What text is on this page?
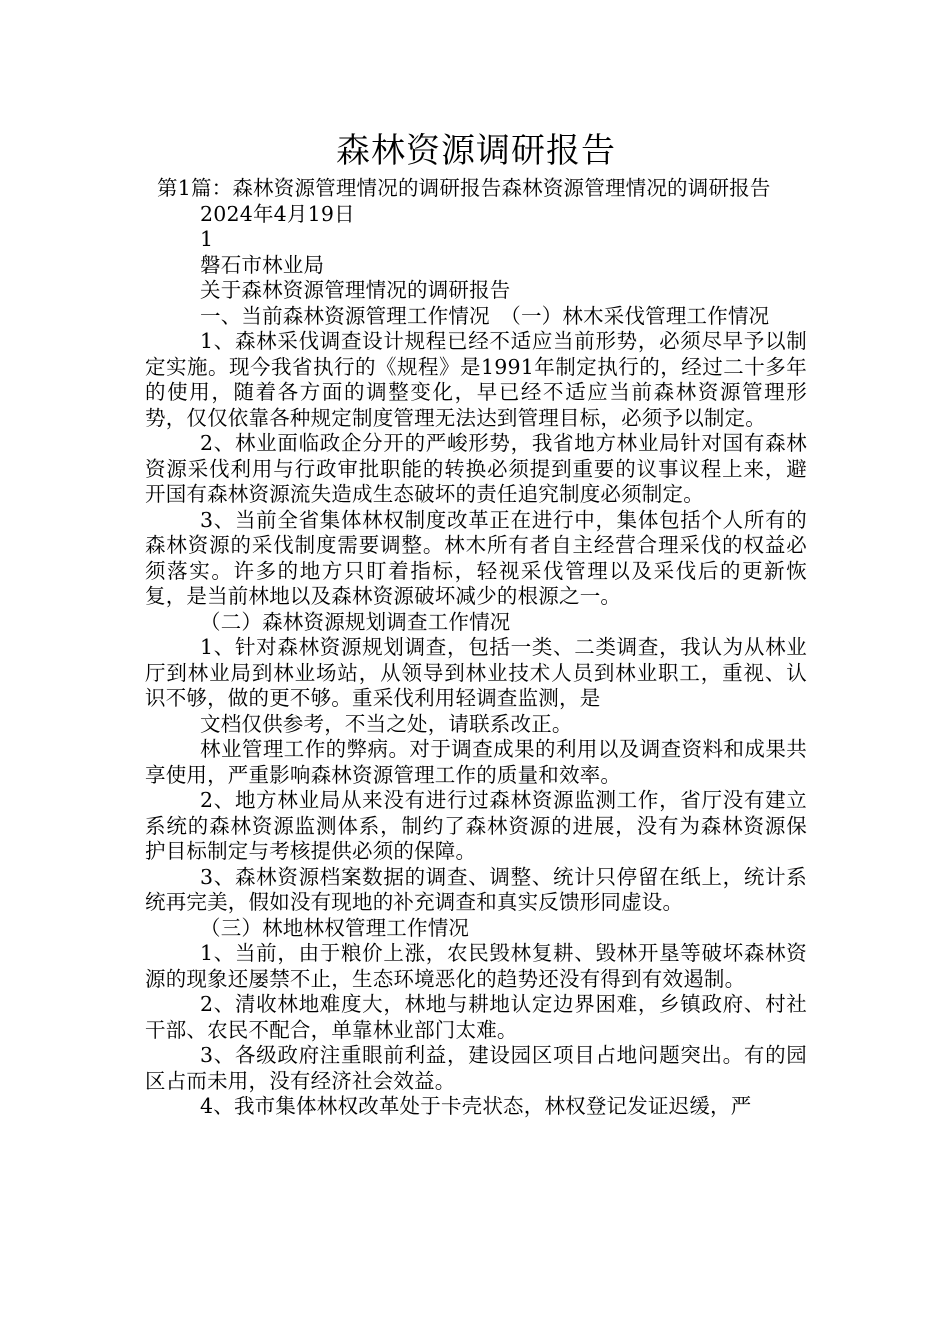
森林资源调研报告

第1篇：森林资源管理情况的调研报告森林资源管理情况的调研报告

2024年4月19日

1

磐石市林业局

关于森林资源管理情况的调研报告

一、当前森林资源管理工作情况　（一）林木采伐管理工作情况

1、森林采伐调查设计规程已经不适应当前形势，必须尽早予以制定实施。现今我省执行的《规程》是1991年制定执行的，经过二十多年的使用，随着各方面的调整变化，早已经不适应当前森林资源管理形势，仅仅依靠各种规定制度管理无法达到管理目标，必须予以制定。

2、林业面临政企分开的严峻形势，我省地方林业局针对国有森林资源采伐利用与行政审批职能的转换必须提到重要的议事议程上来，避开国有森林资源流失造成生态破坏的责任追究制度必须制定。

3、当前全省集体林权制度改革正在进行中，集体包括个人所有的森林资源的采伐制度需要调整。林木所有者自主经营合理采伐的权益必须落实。许多的地方只盯着指标，轻视采伐管理以及采伐后的更新恢复，是当前林地以及森林资源破坏减少的根源之一。

（二）森林资源规划调查工作情况

1、针对森林资源规划调查，包括一类、二类调查，我认为从林业厅到林业局到林业场站，从领导到林业技术人员到林业职工，重视、认识不够，做的更不够。重采伐利用轻调查监测，是

文档仅供参考，不当之处，请联系改正。

林业管理工作的弊病。对于调查成果的利用以及调查资料和成果共享使用，严重影响森林资源管理工作的质量和效率。

2、地方林业局从来没有进行过森林资源监测工作，省厅没有建立系统的森林资源监测体系，制约了森林资源的进展，没有为森林资源保护目标制定与考核提供必须的保障。

3、森林资源档案数据的调查、调整、统计只停留在纸上，统计系统再完美，假如没有现地的补充调查和真实反馈形同虚设。

（三）林地林权管理工作情况

1、当前，由于粮价上涨，农民毁林复耕、毁林开垦等破坏森林资源的现象还屡禁不止，生态环境恶化的趋势还没有得到有效遏制。

2、清收林地难度大，林地与耕地认定边界困难，乡镇政府、村社干部、农民不配合，单靠林业部门太难。

3、各级政府注重眼前利益，建设园区项目占地问题突出。有的园区占而未用，没有经济社会效益。

4、我市集体林权改革处于卡壳状态，林权登记发证迟缓，严
